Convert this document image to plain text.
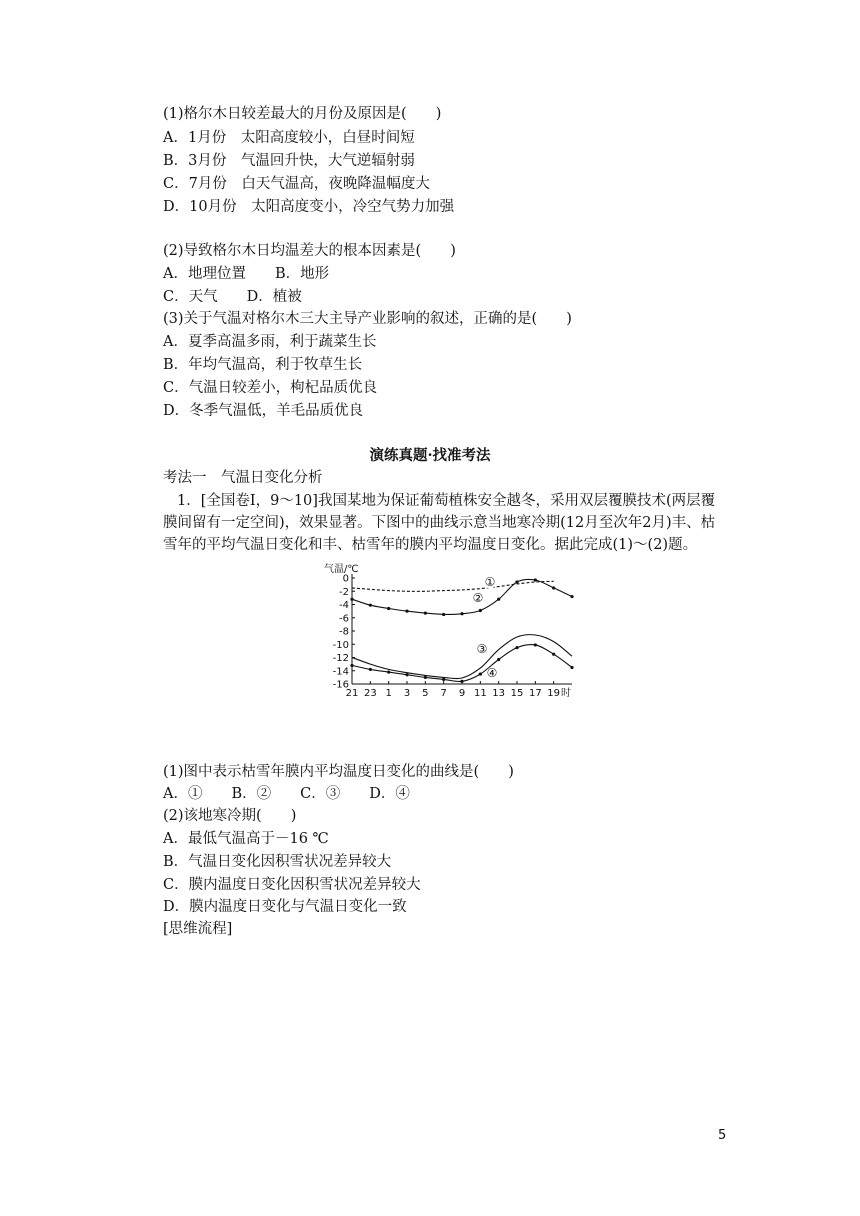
(1)格尔木日较差最大的月份及原因是(　　)
A．1月份　太阳高度较小，白昼时间短
B．3月份　气温回升快，大气逆辐射弱
C．7月份　白天气温高，夜晚降温幅度大
D．10月份　太阳高度变小，冷空气势力加强
(2)导致格尔木日均温差大的根本因素是(　　)
A．地理位置　　B．地形
C．天气　　D．植被
(3)关于气温对格尔木三大主导产业影响的叙述，正确的是(　　)
A．夏季高温多雨，利于蔬菜生长
B．年均气温高，利于牧草生长
C．气温日较差小，枸杞品质优良
D．冬季气温低，羊毛品质优良
演练真题·找准考法
考法一　气温日变化分析
1．[全国卷Ⅰ，9～10]我国某地为保证葡萄植株安全越冬，采用双层覆膜技术(两层覆膜间留有一定空间)，效果显著。下图中的曲线示意当地寒冷期(12月至次年2月)丰、枯雪年的平均气温日变化和丰、枯雪年的膜内平均温度日变化。据此完成(1)～(2)题。
气温/℃
0
-2
-4
-6
-8
-10
-12
-14
-16
21 23 1 3 5 7 9 11 13 15 17 19 时
①
②
③
④
(1)图中表示枯雪年膜内平均温度日变化的曲线是(　　)
A．①　　B．②　　C．③　　D．④
(2)该地寒冷期(　　)
A．最低气温高于－16 ℃
B．气温日变化因积雪状况差异较大
C．膜内温度日变化因积雪状况差异较大
D．膜内温度日变化与气温日变化一致
[思维流程]
5
